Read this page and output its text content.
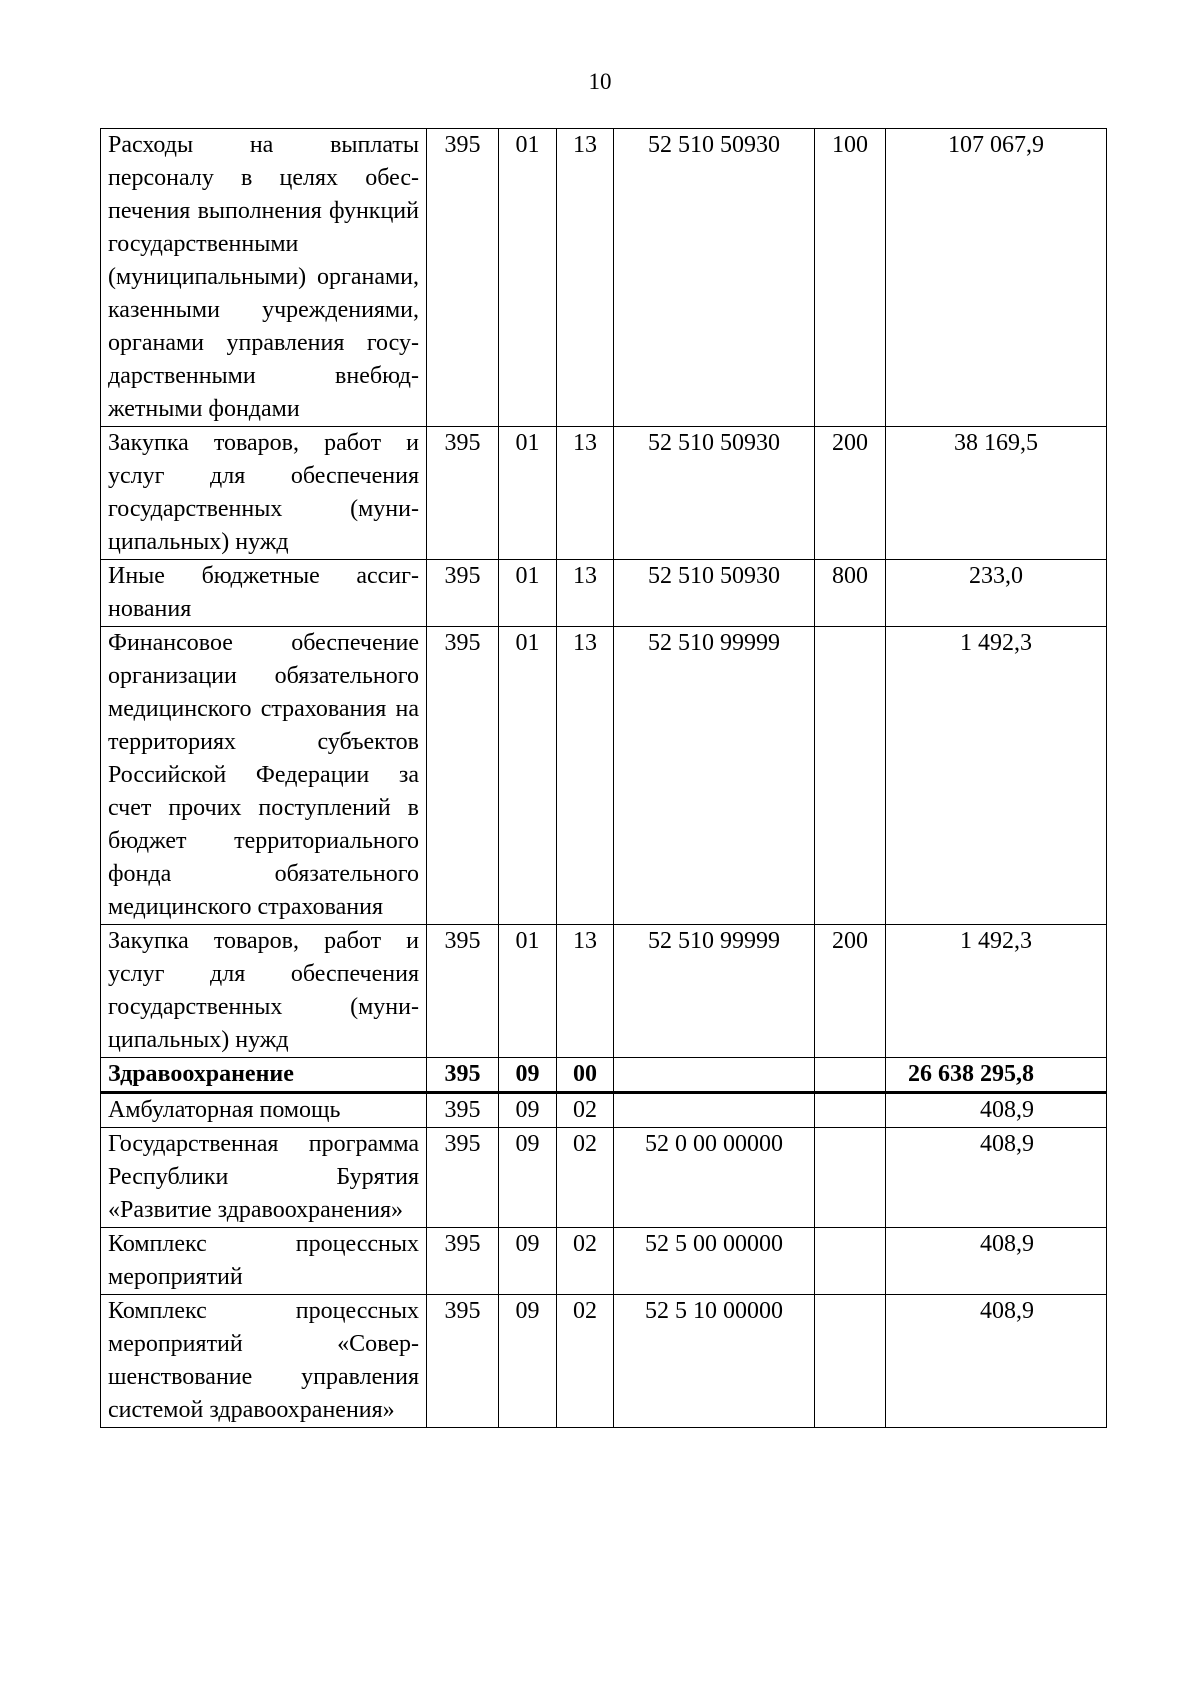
10
Расходы на выплаты персоналу в целях обеспечения выполнения функций государственными (муниципальными) органами, казенными учреждениями, органами управления государственными внебюджетными фондами	395	01	13	52 510 50930	100	107 067,9
Закупка товаров, работ и услуг для обеспечения государственных (муниципальных) нужд	395	01	13	52 510 50930	200	38 169,5
Иные бюджетные ассигнования	395	01	13	52 510 50930	800	233,0
Финансовое обеспечение организации обязательного медицинского страхования на территориях субъектов Российской Федерации за счет прочих поступлений в бюджет территориального фонда обязательного медицинского страхования	395	01	13	52 510 99999		1 492,3
Закупка товаров, работ и услуг для обеспечения государственных (муниципальных) нужд	395	01	13	52 510 99999	200	1 492,3
Здравоохранение	395	09	00			26 638 295,8
Амбулаторная помощь	395	09	02			408,9
Государственная программа Республики Бурятия «Развитие здравоохранения»	395	09	02	52 0 00 00000		408,9
Комплекс процессных мероприятий	395	09	02	52 5 00 00000		408,9
Комплекс процессных мероприятий «Совершенствование управления системой здравоохранения»	395	09	02	52 5 10 00000		408,9
